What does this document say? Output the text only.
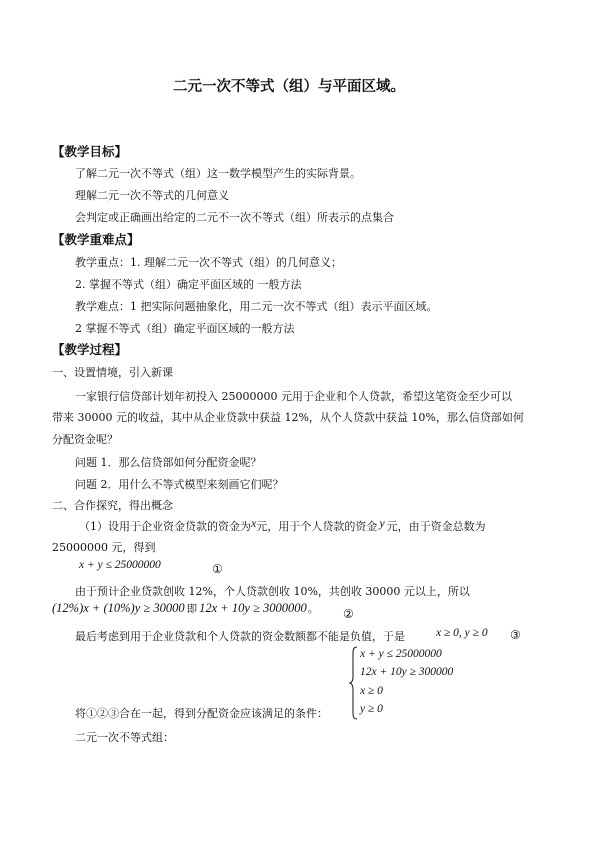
二元一次不等式（组）与平面区域。
【教学目标】
了解二元一次不等式（组）这一数学模型产生的实际背景。
理解二元一次不等式的几何意义
会判定或正确画出给定的二元不一次不等式（组）所表示的点集合
【教学重难点】
教学重点：1. 理解二元一次不等式（组）的几何意义；
2. 掌握不等式（组）确定平面区域的 一般方法
教学难点：1 把实际问题抽象化，用二元一次不等式（组）表示平面区域。
2 掌握不等式（组）确定平面区域的一般方法
【教学过程】
一、设置情境，引入新课
一家银行信贷部计划年初投入 25000000 元用于企业和个人贷款，希望这笔资金至少可以
带来 30000 元的收益，其中从企业贷款中获益 12%，从个人贷款中获益 10%，那么信贷部如何
分配资金呢？
问题 1．那么信贷部如何分配资金呢？
问题 2．用什么不等式模型来刻画它们呢？
二、合作探究，得出概念
（1）设用于企业资金贷款的资金为x元，用于个人贷款的资金 y 元，由于资金总数为
25000000 元，得到
x + y ≤ 25000000	①
由于预计企业贷款创收 12%，个人贷款创收 10%，共创收 30000 元以上，所以
(12%)x + (10%)y ≥ 30000 即 12x + 10y ≥ 3000000。 ②
最后考虑到用于企业贷款和个人贷款的资金数额都不能是负值，于是	x ≥ 0, y ≥ 0 ③
x + y ≤ 25000000
12x + 10y ≥ 300000
x ≥ 0
y ≥ 0
将①②③合在一起，得到分配资金应该满足的条件：
二元一次不等式组：
